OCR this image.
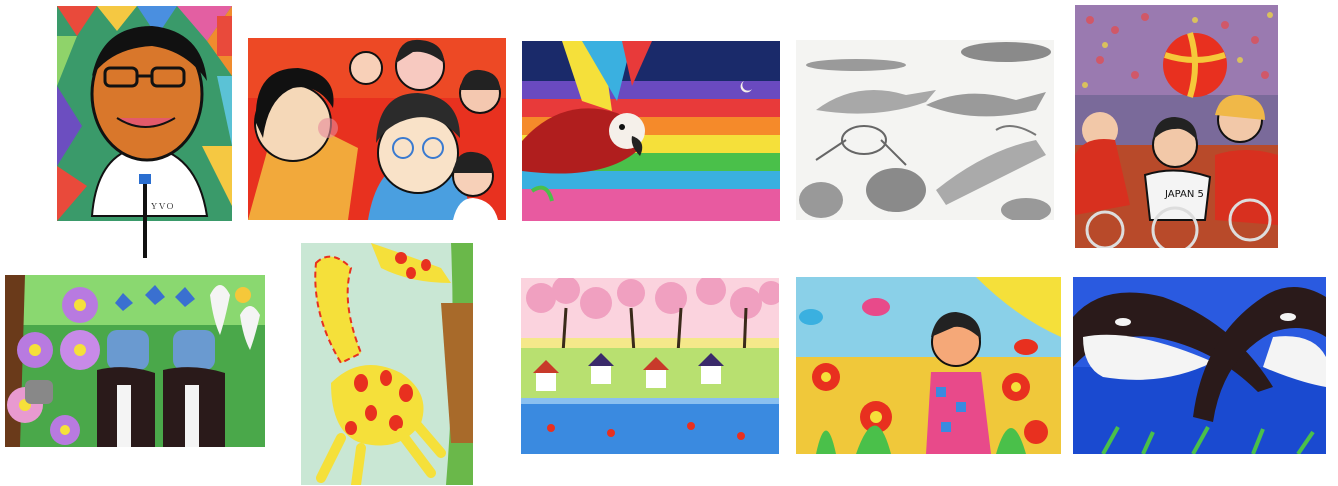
ＹＶＯ
JAPAN 5
